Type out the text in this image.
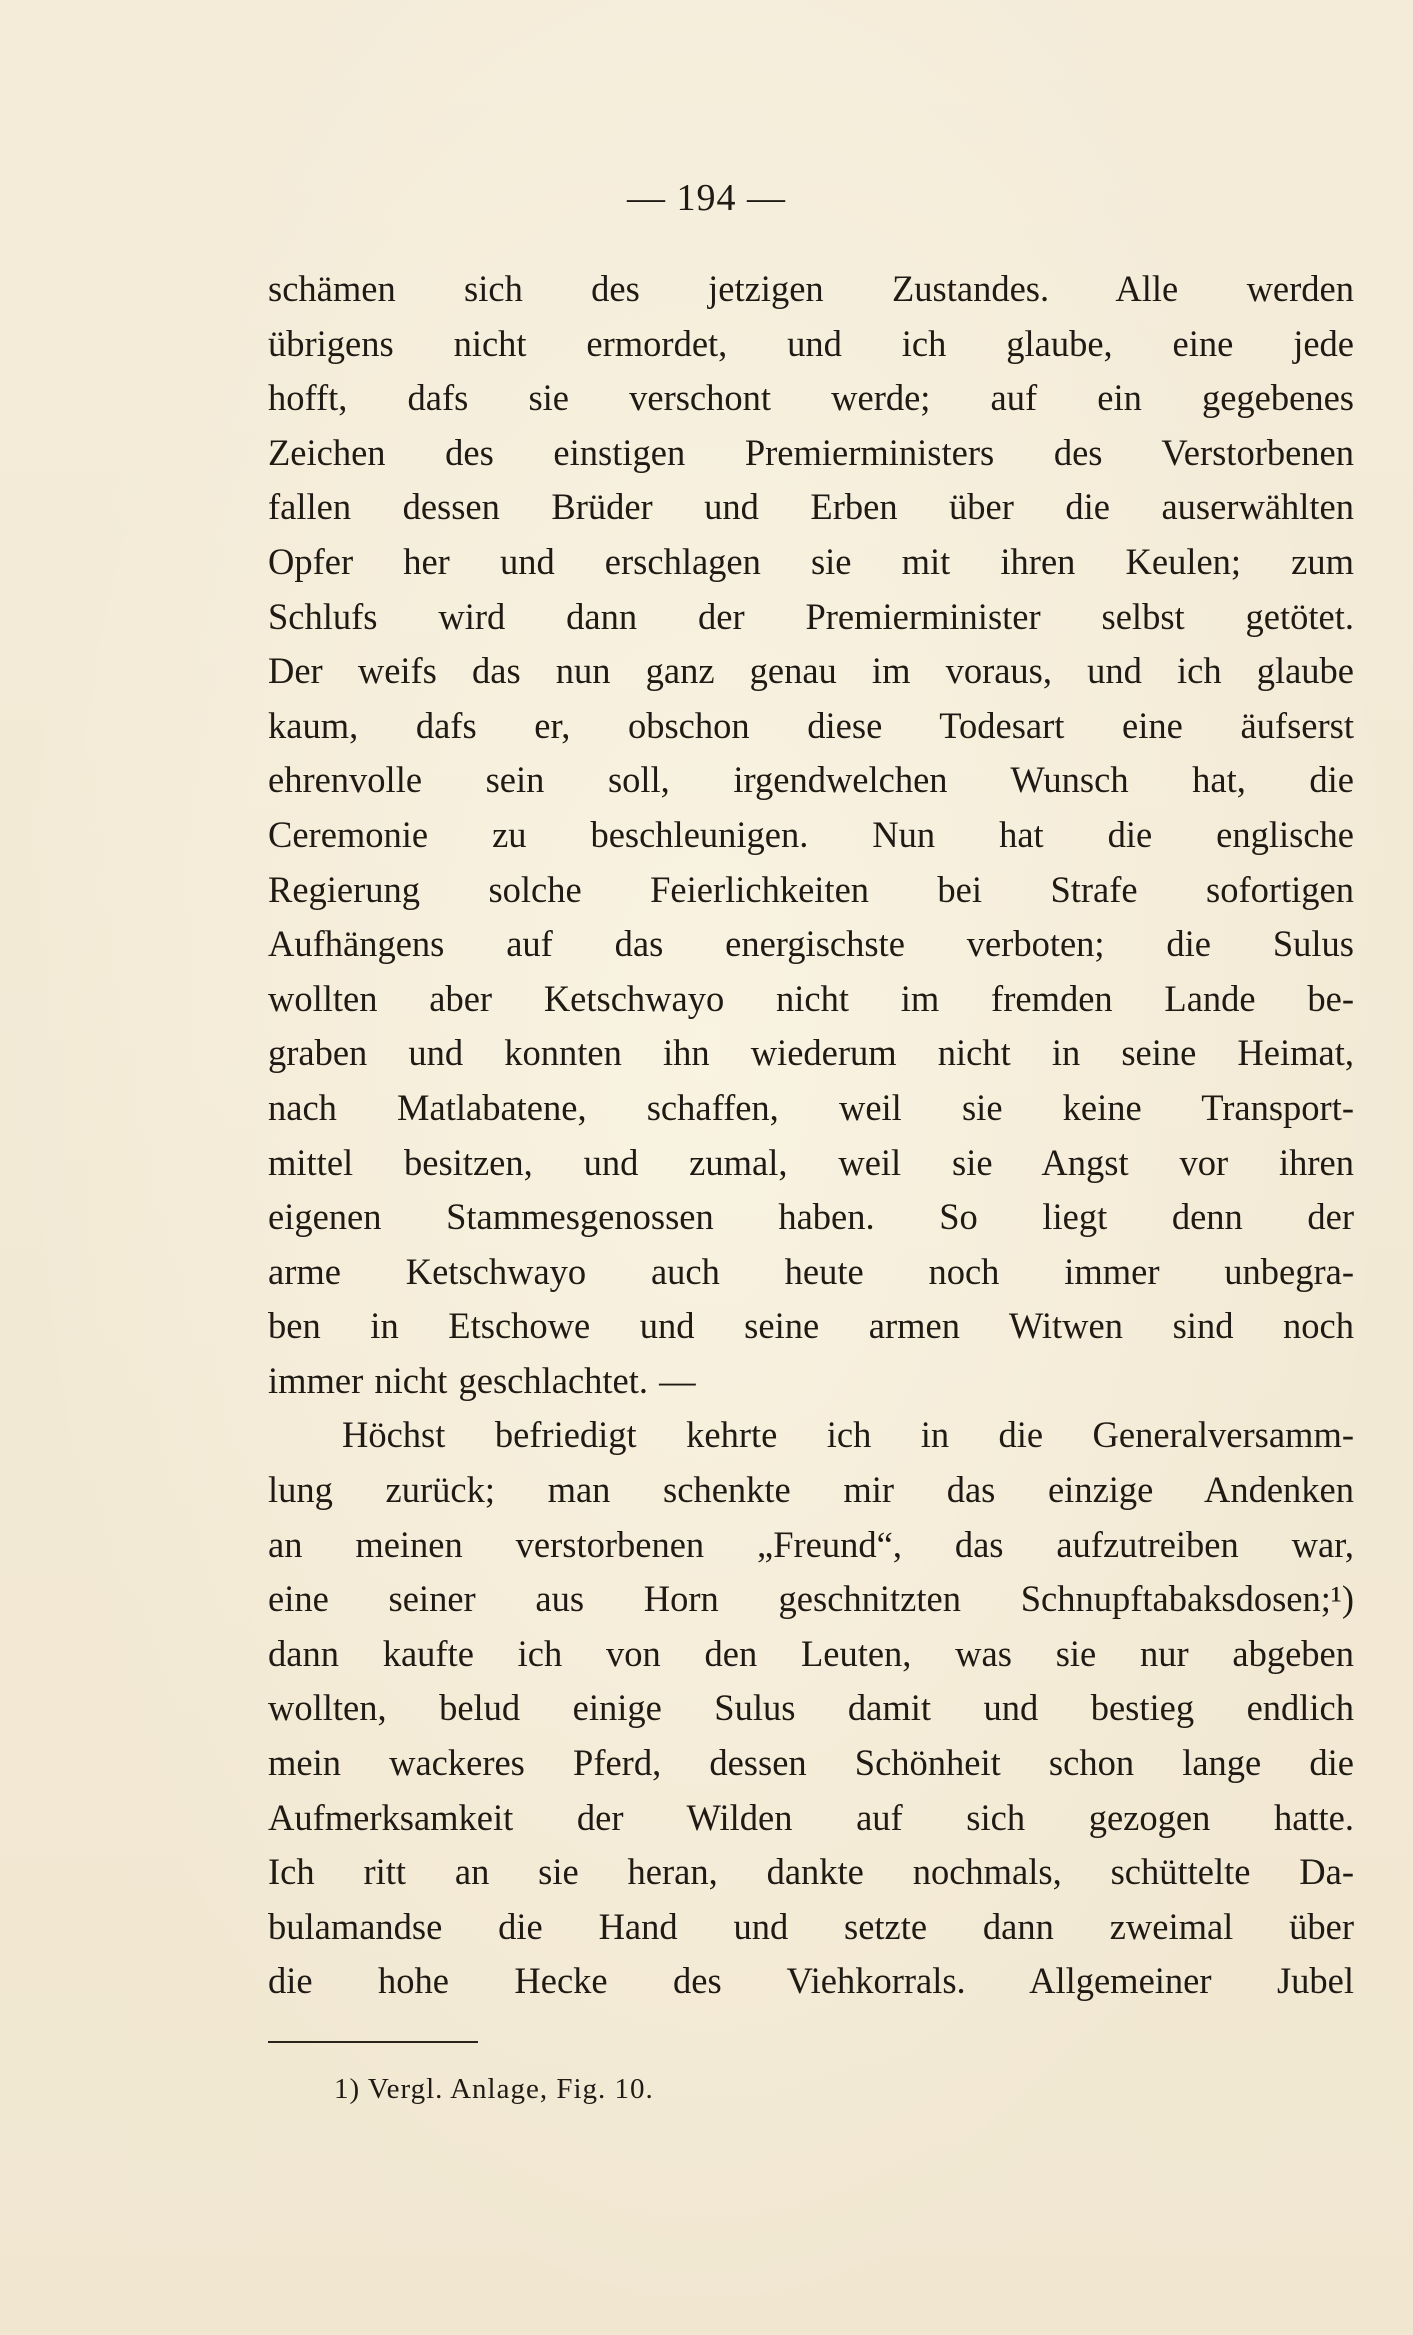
— 194 —
schämen sich des jetzigen Zustandes. Alle werden
übrigens nicht ermordet, und ich glaube, eine jede
hofft, dafs sie verschont werde; auf ein gegebenes
Zeichen des einstigen Premierministers des Verstorbenen
fallen dessen Brüder und Erben über die auserwählten
Opfer her und erschlagen sie mit ihren Keulen; zum
Schlufs wird dann der Premierminister selbst getötet.
Der weifs das nun ganz genau im voraus, und ich glaube
kaum, dafs er, obschon diese Todesart eine äufserst
ehrenvolle sein soll, irgendwelchen Wunsch hat, die
Ceremonie zu beschleunigen. Nun hat die englische
Regierung solche Feierlichkeiten bei Strafe sofortigen
Aufhängens auf das energischste verboten; die Sulus
wollten aber Ketschwayo nicht im fremden Lande be-
graben und konnten ihn wiederum nicht in seine Heimat,
nach Matlabatene, schaffen, weil sie keine Transport-
mittel besitzen, und zumal, weil sie Angst vor ihren
eigenen Stammesgenossen haben. So liegt denn der
arme Ketschwayo auch heute noch immer unbegra-
ben in Etschowe und seine armen Witwen sind noch
immer nicht geschlachtet. —
Höchst befriedigt kehrte ich in die Generalversamm-
lung zurück; man schenkte mir das einzige Andenken
an meinen verstorbenen „Freund“, das aufzutreiben war,
eine seiner aus Horn geschnitzten Schnupftabaksdosen;¹)
dann kaufte ich von den Leuten, was sie nur abgeben
wollten, belud einige Sulus damit und bestieg endlich
mein wackeres Pferd, dessen Schönheit schon lange die
Aufmerksamkeit der Wilden auf sich gezogen hatte.
Ich ritt an sie heran, dankte nochmals, schüttelte Da-
bulamandse die Hand und setzte dann zweimal über
die hohe Hecke des Viehkorrals. Allgemeiner Jubel
1) Vergl. Anlage, Fig. 10.
